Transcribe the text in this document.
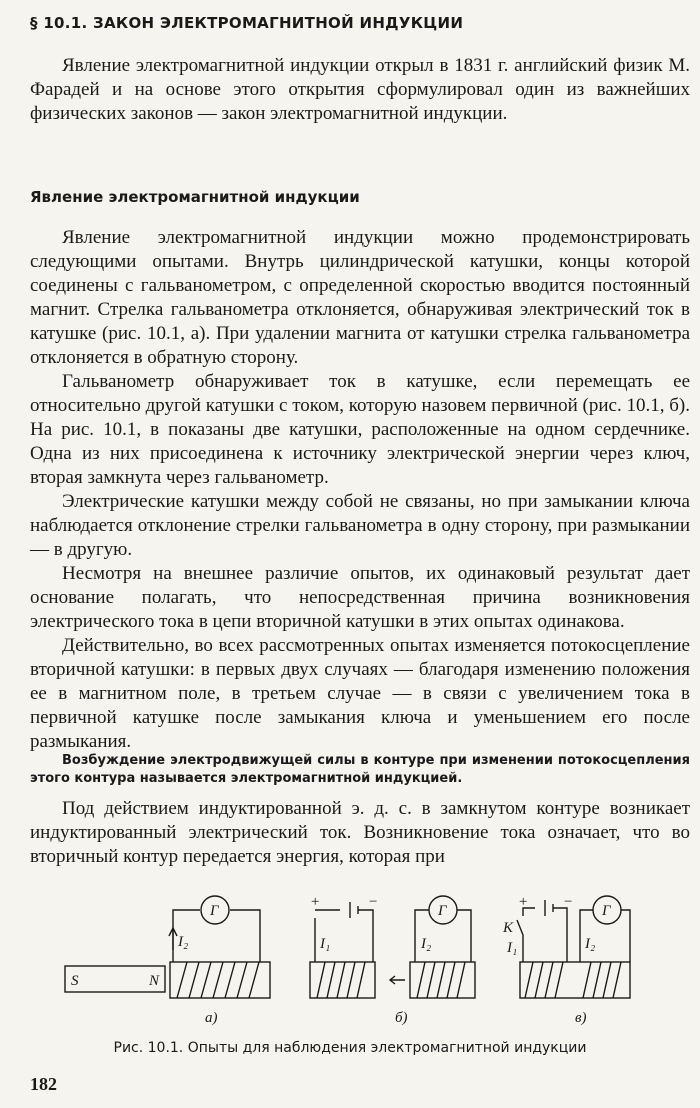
§ 10.1. ЗАКОН ЭЛЕКТРОМАГНИТНОЙ ИНДУКЦИИ

Явление электромагнитной индукции открыл в 1831 г. английский физик М. Фарадей и на основе этого открытия сформулировал один из важнейших физических законов — закон электромагнитной индукции.

Явление электромагнитной индукции

Явление электромагнитной индукции можно продемонстрировать следующими опытами. Внутрь цилиндрической катушки, концы которой соединены с гальванометром, с определенной скоростью вводится постоянный магнит. Стрелка гальванометра отклоняется, обнаруживая электрический ток в катушке (рис. 10.1, а). При удалении магнита от катушки стрелка гальванометра отклоняется в обратную сторону.

Гальванометр обнаруживает ток в катушке, если перемещать ее относительно другой катушки с током, которую назовем первичной (рис. 10.1, б). На рис. 10.1, в показаны две катушки, расположенные на одном сердечнике. Одна из них присоединена к источнику электрической энергии через ключ, вторая замкнута через гальванометр.

Электрические катушки между собой не связаны, но при замыкании ключа наблюдается отклонение стрелки гальванометра в одну сторону, при размыкании — в другую.

Несмотря на внешнее различие опытов, их одинаковый результат дает основание полагать, что непосредственная причина возникновения электрического тока в цепи вторичной катушки в этих опытах одинакова.

Действительно, во всех рассмотренных опытах изменяется потокосцепление вторичной катушки: в первых двух случаях — благодаря изменению положения ее в магнитном поле, в третьем случае — в связи с увеличением тока в первичной катушке после замыкания ключа и уменьшением его после размыкания.

Возбуждение электродвижущей силы в контуре при изменении потокосцепления этого контура называется электромагнитной индукцией.

Под действием индуктированной э. д. с. в замкнутом контуре возникает индуктированный электрический ток. Возникновение тока означает, что во вторичный контур передается энергия, которая при

Г	Г	Г
S	N
I₂	I₁	I₂	I₂
I₁
+	−	+ −
K
а)	б)	в)
Рис. 10.1. Опыты для наблюдения электромагнитной индукции
182
